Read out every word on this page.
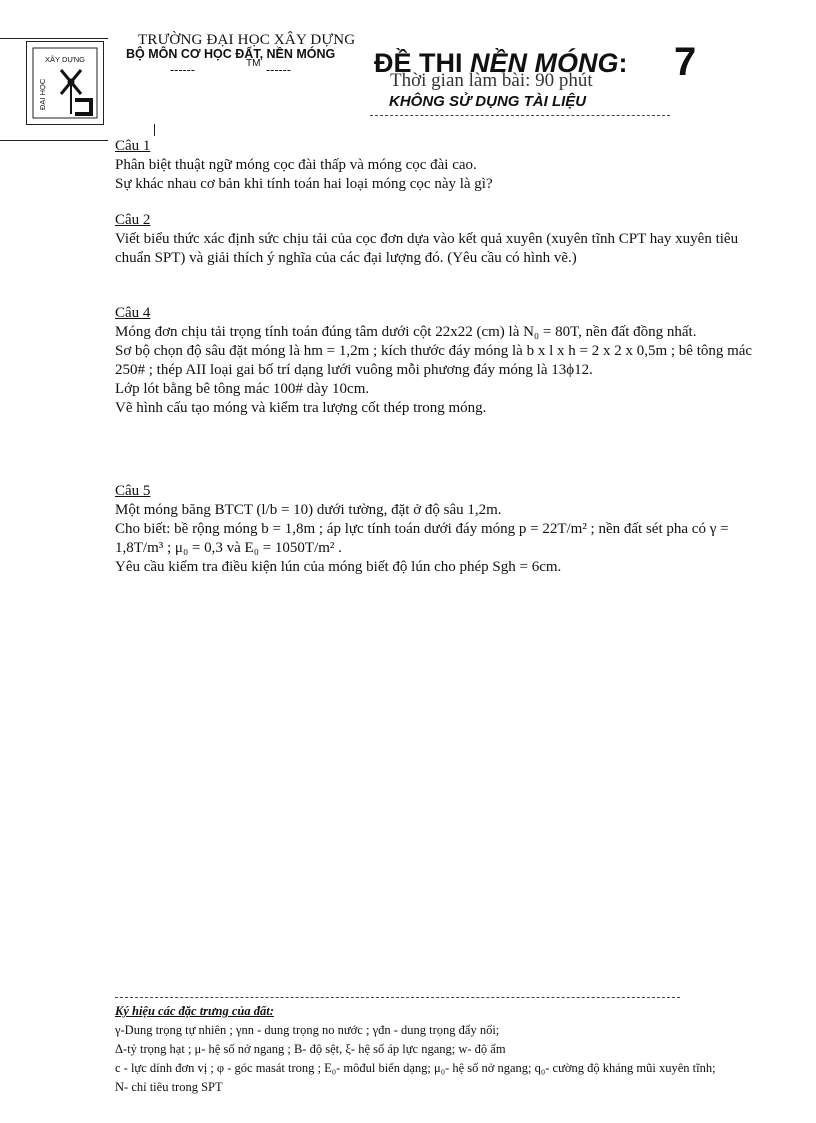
XÂY DỰNG
ĐẠI HỌC
TRƯỜNG ĐẠI HỌC XÂY DỰNG
BỘ MÔN CƠ HỌC ĐẤT, NỀN MÓNG
------	TM ------	Thời gian làm bài: 90 phút
ĐỀ THI NỀN MÓNG: 7
KHÔNG SỬ DỤNG TÀI LIỆU
Câu 1

Phân biệt thuật ngữ móng cọc đài thấp và móng cọc đài cao.

Sự khác nhau cơ bản khi tính toán hai loại móng cọc này là gì?

Câu 2

Viết biểu thức xác định sức chịu tải của cọc đơn dựa vào kết quả xuyên (xuyên tĩnh CPT hay xuyên tiêu chuẩn SPT) và giải thích ý nghĩa của các đại lượng đó. (Yêu cầu có hình vẽ.)

Câu 4

Móng đơn chịu tải trọng tính toán đúng tâm dưới cột 22x22 (cm) là N₀ = 80T, nền đất đồng nhất.

Sơ bộ chọn độ sâu đặt móng là hm = 1,2m ; kích thước đáy móng là b x l x h = 2 x 2 x 0,5m ; bê tông mác 250# ; thép AII loại gai bố trí dạng lưới vuông mỗi phương đáy móng là 13ϕ12.

Lớp lót bằng bê tông mác 100# dày 10cm.

Vẽ hình cấu tạo móng và kiểm tra lượng cốt thép trong móng.

Câu 5

Một móng băng BTCT (l/b = 10) dưới tường, đặt ở độ sâu 1,2m.

Cho biết: bề rộng móng b = 1,8m ; áp lực tính toán dưới đáy móng p = 22T/m² ; nền đất sét pha có γ = 1,8T/m³ ; μ₀ = 0,3 và E₀ = 1050T/m² .

Yêu cầu kiểm tra điều kiện lún của móng biết độ lún cho phép Sgh = 6cm.

Ký hiệu các đặc trưng của đất:

γ-Dung trọng tự nhiên ; γnn - dung trọng no nước ; γđn - dung trọng đẩy nổi;

Δ-tỷ trọng hạt ; μ- hệ số nở ngang ; B- độ sệt, ξ- hệ số áp lực ngang; w- độ ẩm

c - lực dính đơn vị ; φ - góc masát trong ; E₀- môđul biến dạng; μ₀- hệ số nở ngang; q₀- cường độ kháng mũi xuyên tĩnh; N- chỉ tiêu trong SPT
